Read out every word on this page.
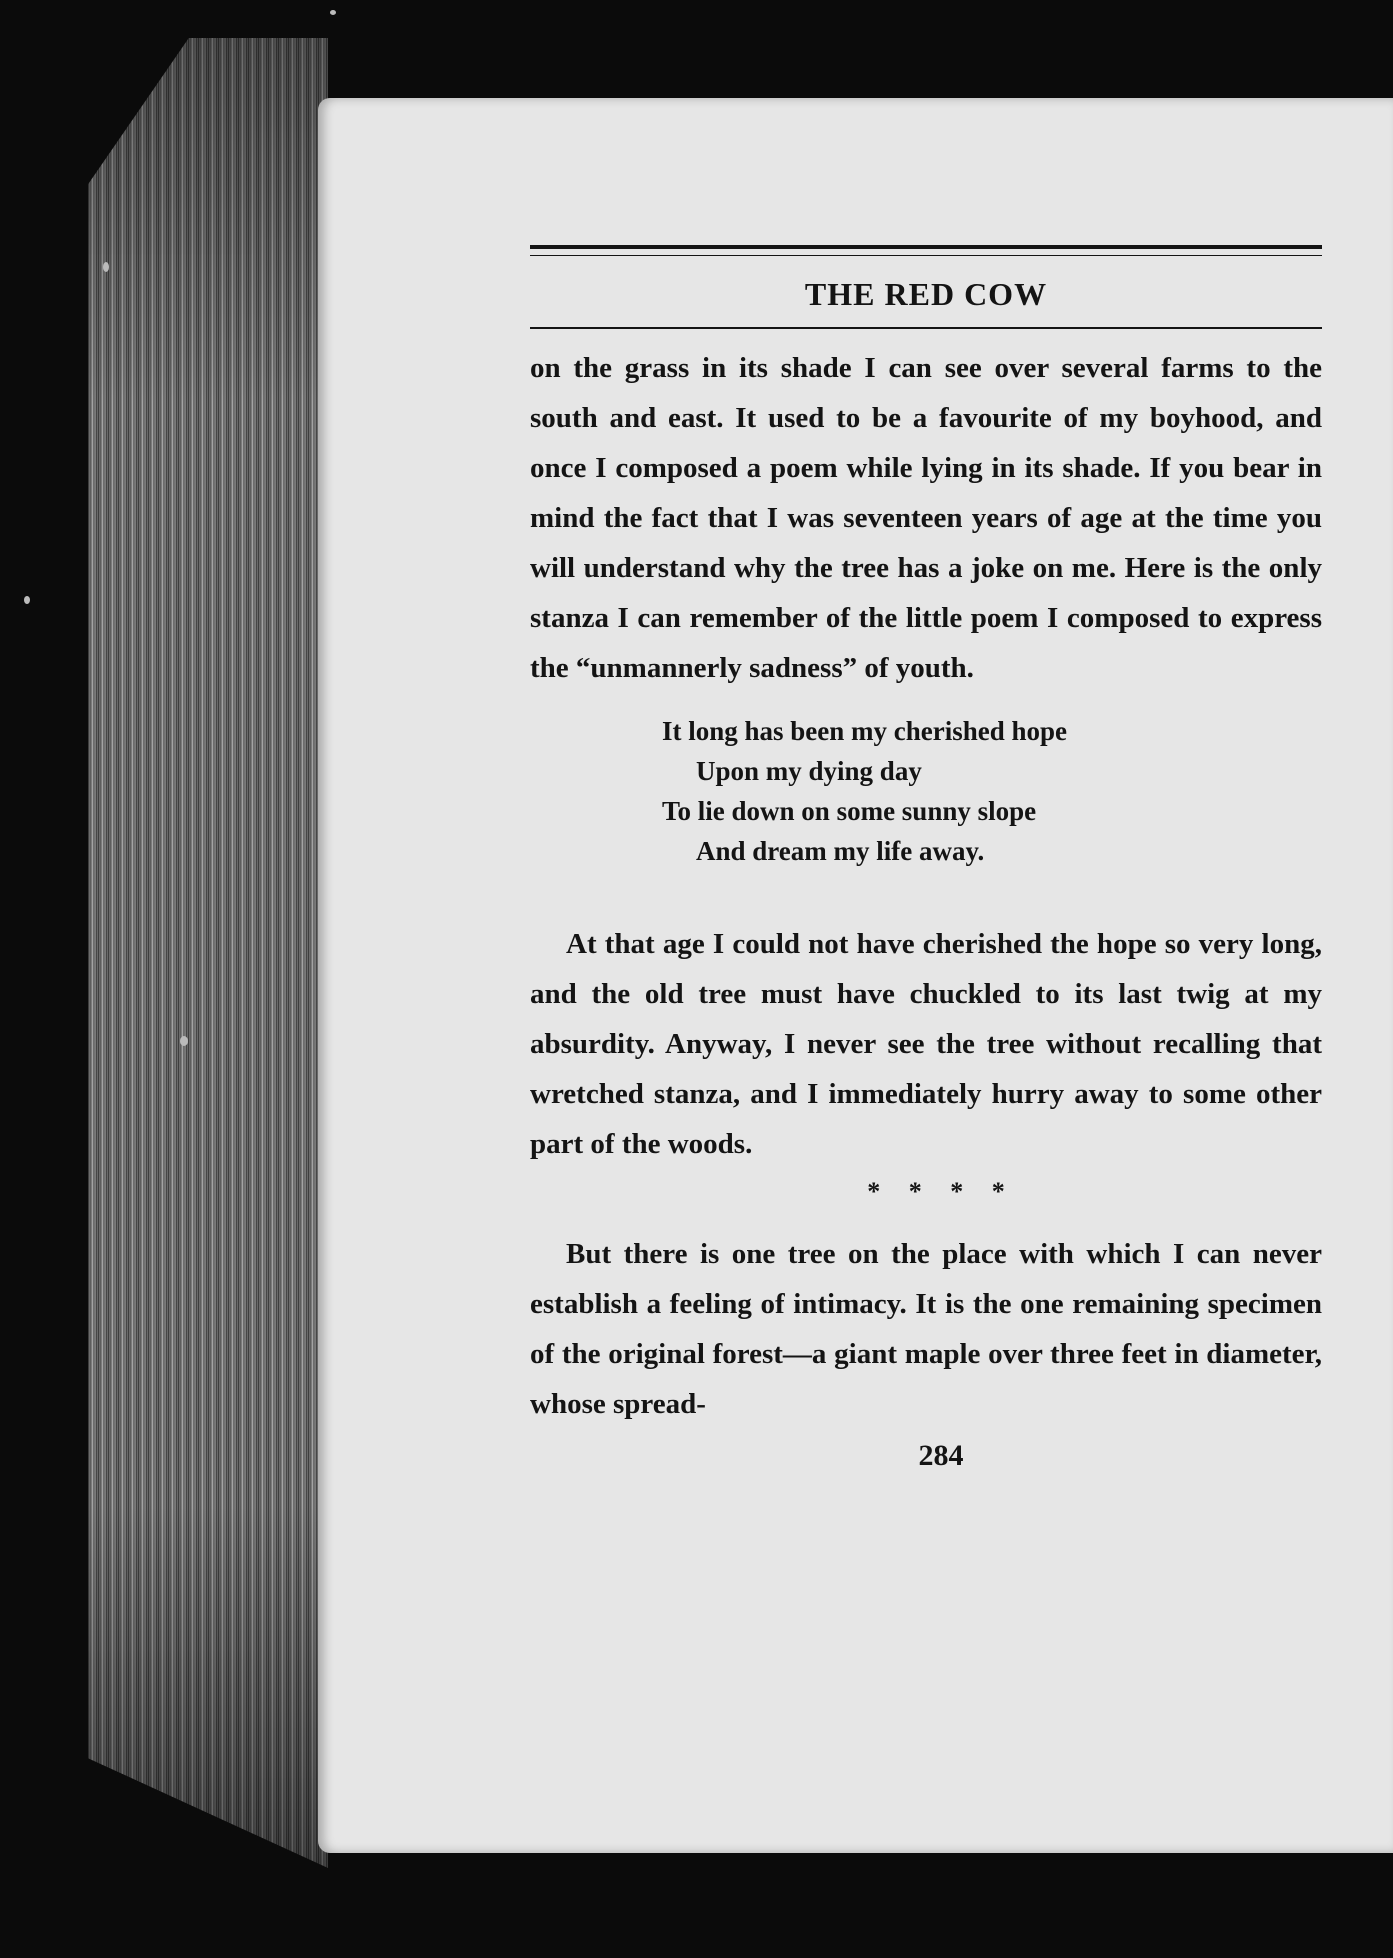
THE RED COW

on the grass in its shade I can see over several farms to the south and east. It used to be a favourite of my boyhood, and once I composed a poem while lying in its shade. If you bear in mind the fact that I was seventeen years of age at the time you will understand why the tree has a joke on me. Here is the only stanza I can remember of the little poem I composed to express the “unmannerly sadness” of youth.

It long has been my cherished hope
Upon my dying day
To lie down on some sunny slope
And dream my life away.

At that age I could not have cherished the hope so very long, and the old tree must have chuckled to its last twig at my absurdity. Anyway, I never see the tree without recalling that wretched stanza, and I immediately hurry away to some other part of the woods.

* * * *

But there is one tree on the place with which I can never establish a feeling of intimacy. It is the one remaining specimen of the original forest—a giant maple over three feet in diameter, whose spread-

284
